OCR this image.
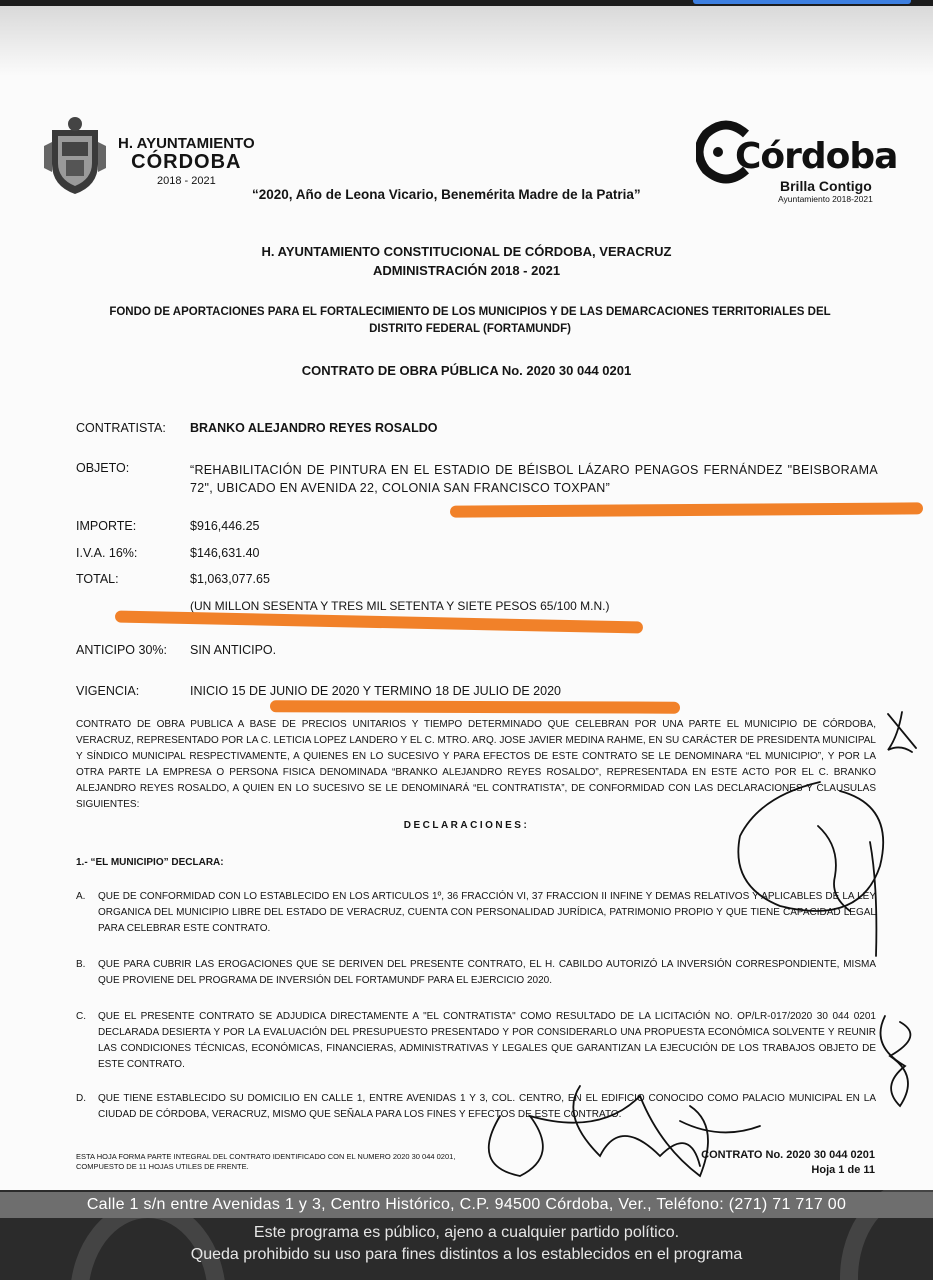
H. AYUNTAMIENTO
CÓRDOBA
2018 - 2021
“2020, Año de Leona Vicario, Benemérita Madre de la Patria”
Córdoba
Brilla Contigo
Ayuntamiento 2018-2021
H. AYUNTAMIENTO CONSTITUCIONAL DE CÓRDOBA, VERACRUZ
ADMINISTRACIÓN 2018 - 2021
FONDO DE APORTACIONES PARA EL FORTALECIMIENTO DE LOS MUNICIPIOS Y DE LAS DEMARCACIONES TERRITORIALES DEL DISTRITO FEDERAL (FORTAMUNDF)
CONTRATO DE OBRA PÚBLICA No. 2020 30 044 0201
CONTRATISTA: BRANKO ALEJANDRO REYES ROSALDO
OBJETO:	“REHABILITACIÓN DE PINTURA EN EL ESTADIO DE BÉISBOL LÁZARO PENAGOS FERNÁNDEZ "BEISBORAMA 72", UBICADO EN AVENIDA 22, COLONIA SAN FRANCISCO TOXPAN”
IMPORTE:	$916,446.25
I.V.A. 16%:	$146,631.40
TOTAL:	$1,063,077.65
(UN MILLON SESENTA Y TRES MIL SETENTA Y SIETE PESOS 65/100 M.N.)
ANTICIPO 30%: SIN ANTICIPO.
VIGENCIA:	INICIO 15 DE JUNIO DE 2020 Y TERMINO 18 DE JULIO DE 2020
CONTRATO DE OBRA PUBLICA A BASE DE PRECIOS UNITARIOS Y TIEMPO DETERMINADO QUE CELEBRAN POR UNA PARTE EL MUNICIPIO DE CÓRDOBA, VERACRUZ, REPRESENTADO POR LA C. LETICIA LOPEZ LANDERO Y EL C. MTRO. ARQ. JOSE JAVIER MEDINA RAHME, EN SU CARÁCTER DE PRESIDENTA MUNICIPAL Y SÍNDICO MUNICIPAL RESPECTIVAMENTE, A QUIENES EN LO SUCESIVO Y PARA EFECTOS DE ESTE CONTRATO SE LE DENOMINARA “EL MUNICIPIO”, Y POR LA OTRA PARTE LA EMPRESA O PERSONA FISICA DENOMINADA “BRANKO ALEJANDRO REYES ROSALDO”, REPRESENTADA EN ESTE ACTO POR EL C. BRANKO ALEJANDRO REYES ROSALDO, A QUIEN EN LO SUCESIVO SE LE DENOMINARÁ “EL CONTRATISTA”, DE CONFORMIDAD CON LAS DECLARACIONES Y CLAUSULAS SIGUIENTES:
DECLARACIONES:
1.- “EL MUNICIPIO” DECLARA:
A. QUE DE CONFORMIDAD CON LO ESTABLECIDO EN LOS ARTICULOS 1º, 36 FRACCIÓN VI, 37 FRACCION II INFINE Y DEMAS RELATIVOS Y APLICABLES DE LA LEY ORGANICA DEL MUNICIPIO LIBRE DEL ESTADO DE VERACRUZ, CUENTA CON PERSONALIDAD JURÍDICA, PATRIMONIO PROPIO Y QUE TIENE CAPACIDAD LEGAL PARA CELEBRAR ESTE CONTRATO.
B. QUE PARA CUBRIR LAS EROGACIONES QUE SE DERIVEN DEL PRESENTE CONTRATO, EL H. CABILDO AUTORIZÓ LA INVERSIÓN CORRESPONDIENTE, MISMA QUE PROVIENE DEL PROGRAMA DE INVERSIÓN DEL FORTAMUNDF PARA EL EJERCICIO 2020.
C. QUE EL PRESENTE CONTRATO SE ADJUDICA DIRECTAMENTE A "EL CONTRATISTA" COMO RESULTADO DE LA LICITACIÓN NO. OP/LR-017/2020 30 044 0201 DECLARADA DESIERTA Y POR LA EVALUACIÓN DEL PRESUPUESTO PRESENTADO Y POR CONSIDERARLO UNA PROPUESTA ECONÓMICA SOLVENTE Y REUNIR LAS CONDICIONES TÉCNICAS, ECONÓMICAS, FINANCIERAS, ADMINISTRATIVAS Y LEGALES QUE GARANTIZAN LA EJECUCIÓN DE LOS TRABAJOS OBJETO DE ESTE CONTRATO.
D. QUE TIENE ESTABLECIDO SU DOMICILIO EN CALLE 1, ENTRE AVENIDAS 1 Y 3, COL. CENTRO, EN EL EDIFICIO CONOCIDO COMO PALACIO MUNICIPAL EN LA CIUDAD DE CÓRDOBA, VERACRUZ, MISMO QUE SEÑALA PARA LOS FINES Y EFECTOS DE ESTE CONTRATO.
ESTA HOJA FORMA PARTE INTEGRAL DEL CONTRATO IDENTIFICADO CON EL NUMERO 2020 30 044 0201,
COMPUESTO DE 11 HOJAS UTILES DE FRENTE.
CONTRATO No. 2020 30 044 0201
Hoja 1 de 11
Calle 1 s/n entre Avenidas 1 y 3, Centro Histórico, C.P. 94500 Córdoba, Ver., Teléfono: (271) 71 717 00
Este programa es público, ajeno a cualquier partido político.
Queda prohibido su uso para fines distintos a los establecidos en el programa
